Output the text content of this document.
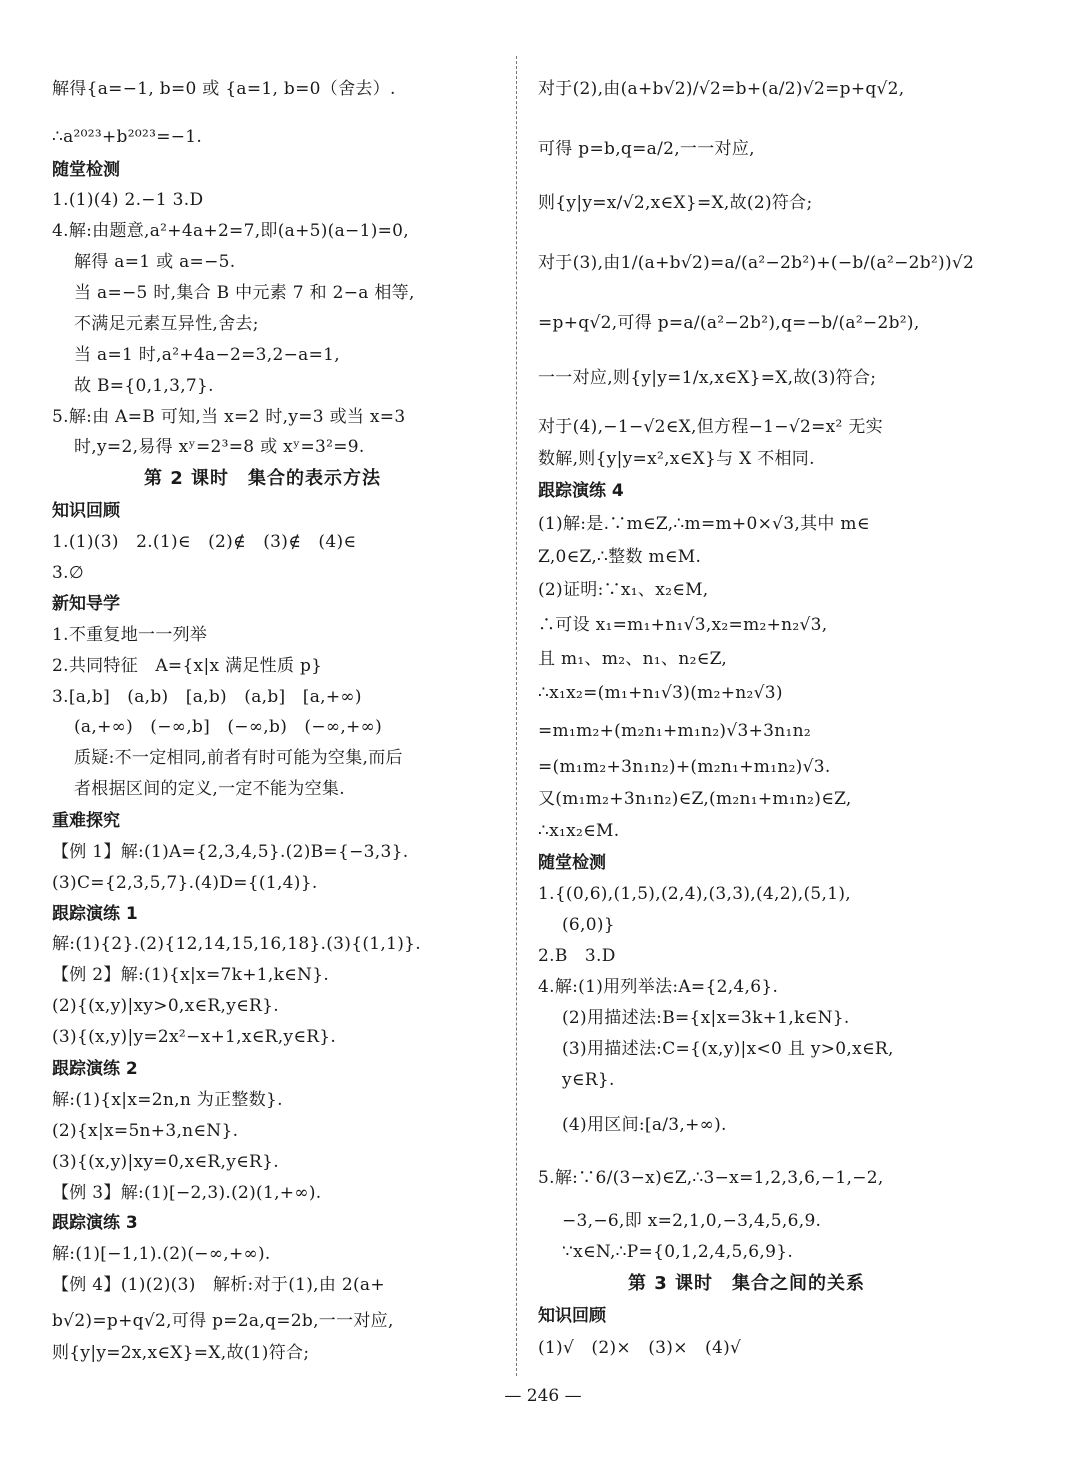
解得{a=−1, b=0 或 {a=1, b=0（舍去）.
∴a²⁰²³+b²⁰²³=−1.
随堂检测
1.(1)(4) 2.−1 3.D
4.解:由题意,a²+4a+2=7,即(a+5)(a−1)=0,
解得 a=1 或 a=−5.
当 a=−5 时,集合 B 中元素 7 和 2−a 相等,
不满足元素互异性,舍去;
当 a=1 时,a²+4a−2=3,2−a=1,
故 B={0,1,3,7}.
5.解:由 A=B 可知,当 x=2 时,y=3 或当 x=3
时,y=2,易得 xʸ=2³=8 或 xʸ=3²=9.
第 2 课时　集合的表示方法
知识回顾
1.(1)(3)　2.(1)∈　(2)∉　(3)∉　(4)∈
3.∅
新知导学
1.不重复地一一列举
2.共同特征　A={x|x 满足性质 p}
3.[a,b]　(a,b)　[a,b)　(a,b]　[a,+∞)
(a,+∞)　(−∞,b]　(−∞,b)　(−∞,+∞)
质疑:不一定相同,前者有时可能为空集,而后
者根据区间的定义,一定不能为空集.
重难探究
【例 1】解:(1)A={2,3,4,5}.(2)B={−3,3}.
(3)C={2,3,5,7}.(4)D={(1,4)}.
跟踪演练 1
解:(1){2}.(2){12,14,15,16,18}.(3){(1,1)}.
【例 2】解:(1){x|x=7k+1,k∈N}.
(2){(x,y)|xy>0,x∈R,y∈R}.
(3){(x,y)|y=2x²−x+1,x∈R,y∈R}.
跟踪演练 2
解:(1){x|x=2n,n 为正整数}.
(2){x|x=5n+3,n∈N}.
(3){(x,y)|xy=0,x∈R,y∈R}.
【例 3】解:(1)[−2,3).(2)(1,+∞).
跟踪演练 3
解:(1)[−1,1).(2)(−∞,+∞).
【例 4】(1)(2)(3)　解析:对于(1),由 2(a+
b√2)=p+q√2,可得 p=2a,q=2b,一一对应,
则{y|y=2x,x∈X}=X,故(1)符合;
对于(2),由(a+b√2)/√2=b+(a/2)√2=p+q√2,
可得 p=b,q=a/2,一一对应,
则{y|y=x/√2,x∈X}=X,故(2)符合;
对于(3),由1/(a+b√2)=a/(a²−2b²)+(−b/(a²−2b²))√2
=p+q√2,可得 p=a/(a²−2b²),q=−b/(a²−2b²),
一一对应,则{y|y=1/x,x∈X}=X,故(3)符合;
对于(4),−1−√2∈X,但方程−1−√2=x² 无实
数解,则{y|y=x²,x∈X}与 X 不相同.
跟踪演练 4
(1)解:是.∵m∈Z,∴m=m+0×√3,其中 m∈
Z,0∈Z,∴整数 m∈M.
(2)证明:∵x₁、x₂∈M,
∴可设 x₁=m₁+n₁√3,x₂=m₂+n₂√3,
且 m₁、m₂、n₁、n₂∈Z,
∴x₁x₂=(m₁+n₁√3)(m₂+n₂√3)
=m₁m₂+(m₂n₁+m₁n₂)√3+3n₁n₂
=(m₁m₂+3n₁n₂)+(m₂n₁+m₁n₂)√3.
又(m₁m₂+3n₁n₂)∈Z,(m₂n₁+m₁n₂)∈Z,
∴x₁x₂∈M.
随堂检测
1.{(0,6),(1,5),(2,4),(3,3),(4,2),(5,1),
(6,0)}
2.B　3.D
4.解:(1)用列举法:A={2,4,6}.
(2)用描述法:B={x|x=3k+1,k∈N}.
(3)用描述法:C={(x,y)|x<0 且 y>0,x∈R,
y∈R}.
(4)用区间:[a/3,+∞).
5.解:∵6/(3−x)∈Z,∴3−x=1,2,3,6,−1,−2,
−3,−6,即 x=2,1,0,−3,4,5,6,9.
∵x∈N,∴P={0,1,2,4,5,6,9}.
第 3 课时　集合之间的关系
知识回顾
(1)√　(2)×　(3)×　(4)√
— 246 —
